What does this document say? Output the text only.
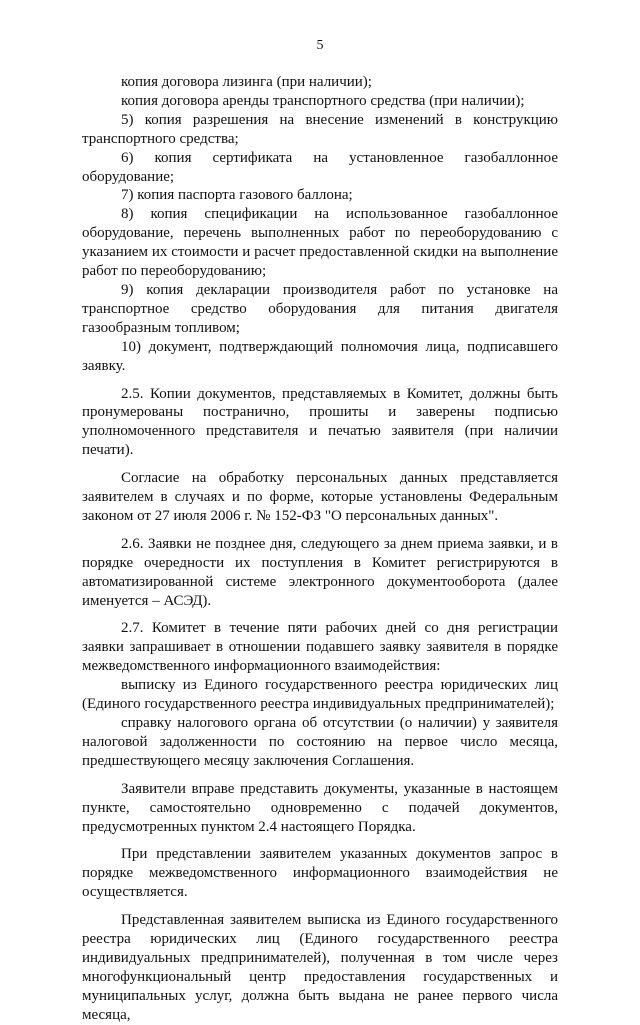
5

копия договора лизинга (при наличии);

копия договора аренды транспортного средства (при наличии);

5) копия разрешения на внесение изменений в конструкцию транспортного средства;

6) копия сертификата на установленное газобаллонное оборудование;

7) копия паспорта газового баллона;

8) копия спецификации на использованное газобаллонное оборудование, перечень выполненных работ по переоборудованию с указанием их стоимости и расчет предоставленной скидки на выполнение работ по переоборудованию;

9) копия декларации производителя работ по установке на транспортное средство оборудования для питания двигателя газообразным топливом;

10) документ, подтверждающий полномочия лица, подписавшего заявку.

2.5. Копии документов, представляемых в Комитет, должны быть пронумерованы постранично, прошиты и заверены подписью уполномоченного представителя и печатью заявителя (при наличии печати).

Согласие на обработку персональных данных представляется заявителем в случаях и по форме, которые установлены Федеральным законом от 27 июля 2006 г. № 152-ФЗ "О персональных данных".

2.6. Заявки не позднее дня, следующего за днем приема заявки, и в порядке очередности их поступления в Комитет регистрируются в автоматизированной системе электронного документооборота (далее именуется – АСЭД).

2.7. Комитет в течение пяти рабочих дней со дня регистрации заявки запрашивает в отношении подавшего заявку заявителя в порядке межведомственного информационного взаимодействия:

выписку из Единого государственного реестра юридических лиц (Единого государственного реестра индивидуальных предпринимателей);

справку налогового органа об отсутствии (о наличии) у заявителя налоговой задолженности по состоянию на первое число месяца, предшествующего месяцу заключения Соглашения.

Заявители вправе представить документы, указанные в настоящем пункте, самостоятельно одновременно с подачей документов, предусмотренных пунктом 2.4 настоящего Порядка.

При представлении заявителем указанных документов запрос в порядке межведомственного информационного взаимодействия не осуществляется.

Представленная заявителем выписка из Единого государственного реестра юридических лиц (Единого государственного реестра индивидуальных предпринимателей), полученная в том числе через многофункциональный центр предоставления государственных и муниципальных услуг, должна быть выдана не ранее первого числа месяца,
